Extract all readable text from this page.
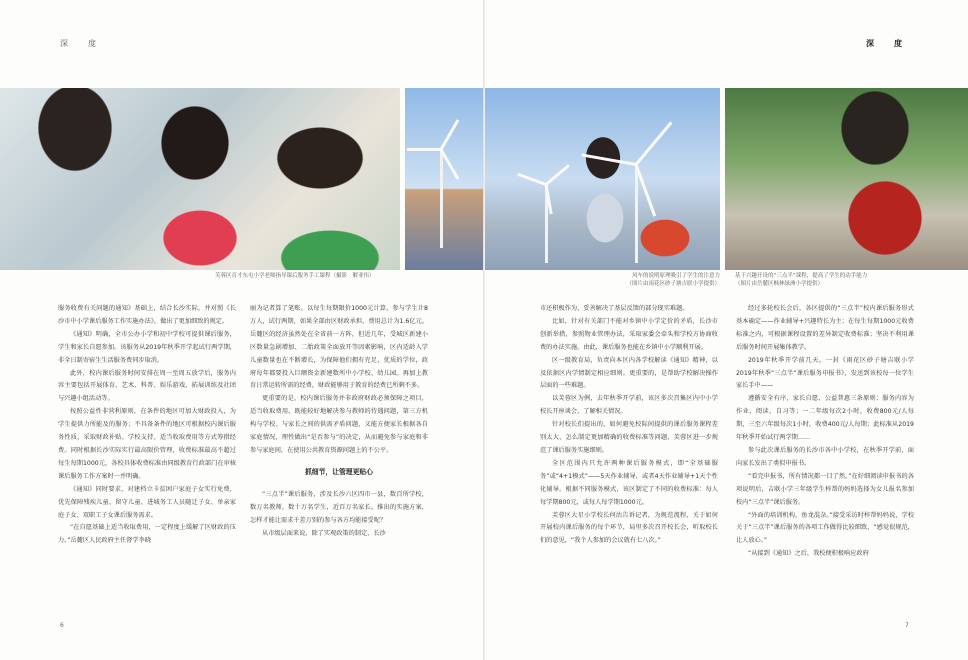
深　度	深　度
芙蓉区育才东屯小学老师指导课后服务手工课程（摄影　解亚伟）	风车的说明原理吸引了学生的注意力
（图片由雨花区砂子塘吉联小学提供）
基于兴趣开设的“三点半”课程，提高了学生的动手能力
（图片由岳麓区枫林绿洲小学提供）

服务收费有关问题的通知》基础上，结合长沙实际，并对照《长沙市中小学课后服务工作实施办法》，做出了更加细致的规定。

《通知》明确，全市公办小学和初中学校可提供课后服务，学生和家长自愿参加。该服务从2019年秋季开学起试行两学期，非全日制寄宿生生活服务费同步取消。

此外，校内课后服务时间安排在周一至周五放学后，服务内容主要包括开展体育、艺术、科普、娱乐游戏、拓展训练及社团与兴趣小组活动等。

按照公益性非营利原则，在条件的地区可加大财政投入，为学生提供力所能及的服务；不具备条件的地区可根据校内课后服务性质，采取财政补贴、学校支持、适当收取费用等方式筹措经费。同时根据长沙实际实行最高限价管理，收费标准最高不超过每生每期1000元，各校具体收费标准由同级教育行政部门在审核课后服务工作方案时一并明确。

《通知》同时要求，对建档立卡贫困户家庭子女实行免费，优先保障残疾儿童、留守儿童、进城务工人员随迁子女、单亲家庭子女、双职工子女课后服务需求。

“在自愿基础上适当收取费用，一定程度上缓解了区财政的压力。”岳麓区人民政府主任督学李晓

丽为记者算了笔账。以每生每期限价1000元计算，参与学生计8万人，试行两期，如果全部由区财政承担，费用总计为1.6亿元。岳麓区的经济虽然处在全省前一方阵，但近几年，受城区新建小区数量急剧增加、二胎政策全面放开等因素影响，区内适龄入学儿童数量也在不断增长，为保障他们拥有充足、优质的学位，政府每年都要投入巨额资金新建数所中小学校、幼儿园。再加上教育日常运转所需的经费，财政能够用于教育的经费已所剩不多。

更重要的是，校内课后服务并非政府财政必须保障之项目，适当收取费用，既能较好地解决参与教师的待遇问题，第三方机构与学校、与家长之间的供需矛盾问题，又能方便家长根据各自家庭情况，理性做出“是否参与”的决定，从而避免参与家庭和非参与家庭间，在使用公共教育资源问题上的不公平。

抓细节，让管理更贴心

“三点半”课后服务，涉及长沙六区四市一县，数百所学校，数万名教师，数十万名学生，近百万名家长。推出的实施方案，怎样才能让需求千差万别的参与各方均能接受呢？

从市级层面来说，除了实观政策的制定，长沙

市还积极作为，妥善解决了基层反馈的部分现实难题。

比如，针对有关部门不能对乡镇中小学定价的矛盾，长沙市创新举措，参照物业管理办法，采取家委会牵头和学校方协商收费的办法实施。由此，课后服务也能在乡镇中小学顺利开展。

区一级教育局，负责向本区内各学校解读《通知》精神，以及依据区内学情制定相应细则。更重要的，是帮助学校解决操作层面的一些难题。

以芙蓉区为例，去年秋季开学前，该区多次召集区内中小学校长开座谈会，了解相关情况。

针对校长们提出的，如何避免校际间提供的课后服务课程差别太大，怎么制定更加精确的收费标准等问题，芙蓉区进一步规范了课后服务实施细则。

全区范围内只允许两种课后服务模式，即“全基础服务”或“4+1模式”——5天作业辅导，或者4天作业辅导+1天个性化辅导。根据不同服务模式，该区制定了不同的收费标准：每人每学期800元，或每人每学期1000元。

芙蓉区大星小学校长何沽告诉记者，为规范流程，关于如何开展校内课后服务的每个环节，局里多次召开校长会，听取校长们的意见，“我个人参加的会议就有七八次。”

经过多轮校长会后，各区提供的“三点半”校内课后服务形式基本确定——作业辅导+兴趣特长为主；在每生每期1000元收费标准之内，可根据课程设置的差异制定收费标准；坚决不利用课后服务时间开展集体教学。

2019年秋季开学前几天，一封《雨花区砂子塘吉联小学2019年秋季“三点半”课后服务申报书》，发送到该校每一位学生家长手中——

遵循安全有序，家长自愿、公益普惠三条原则；服务内容为作业、阅读、自习等；一二年级每次2小时，收费800元/人每期，三至六年级每次1小时，收费400元/人每期；此标准从2019年秋季开始试行两学期……

参与此次课后服务的长沙市各中小学校，在秋季开学前，面向家长发出了类似申报书。

“看完申报书，所有情况都一目了然。”在好细阅读申报书的各项说明后，吉联小学三年级学生梓帮的妈妈选择为女儿报名参加校内“三点半”课后服务。

“外面的培训机构，鱼龙混杂。”接受采访时梓帮妈妈说，学校关于“三点半”课后服务的各项工作做得比较细致，“感觉很规范，让人放心。”

“从接到《通知》之后，我校便积极响应政府

6	7
